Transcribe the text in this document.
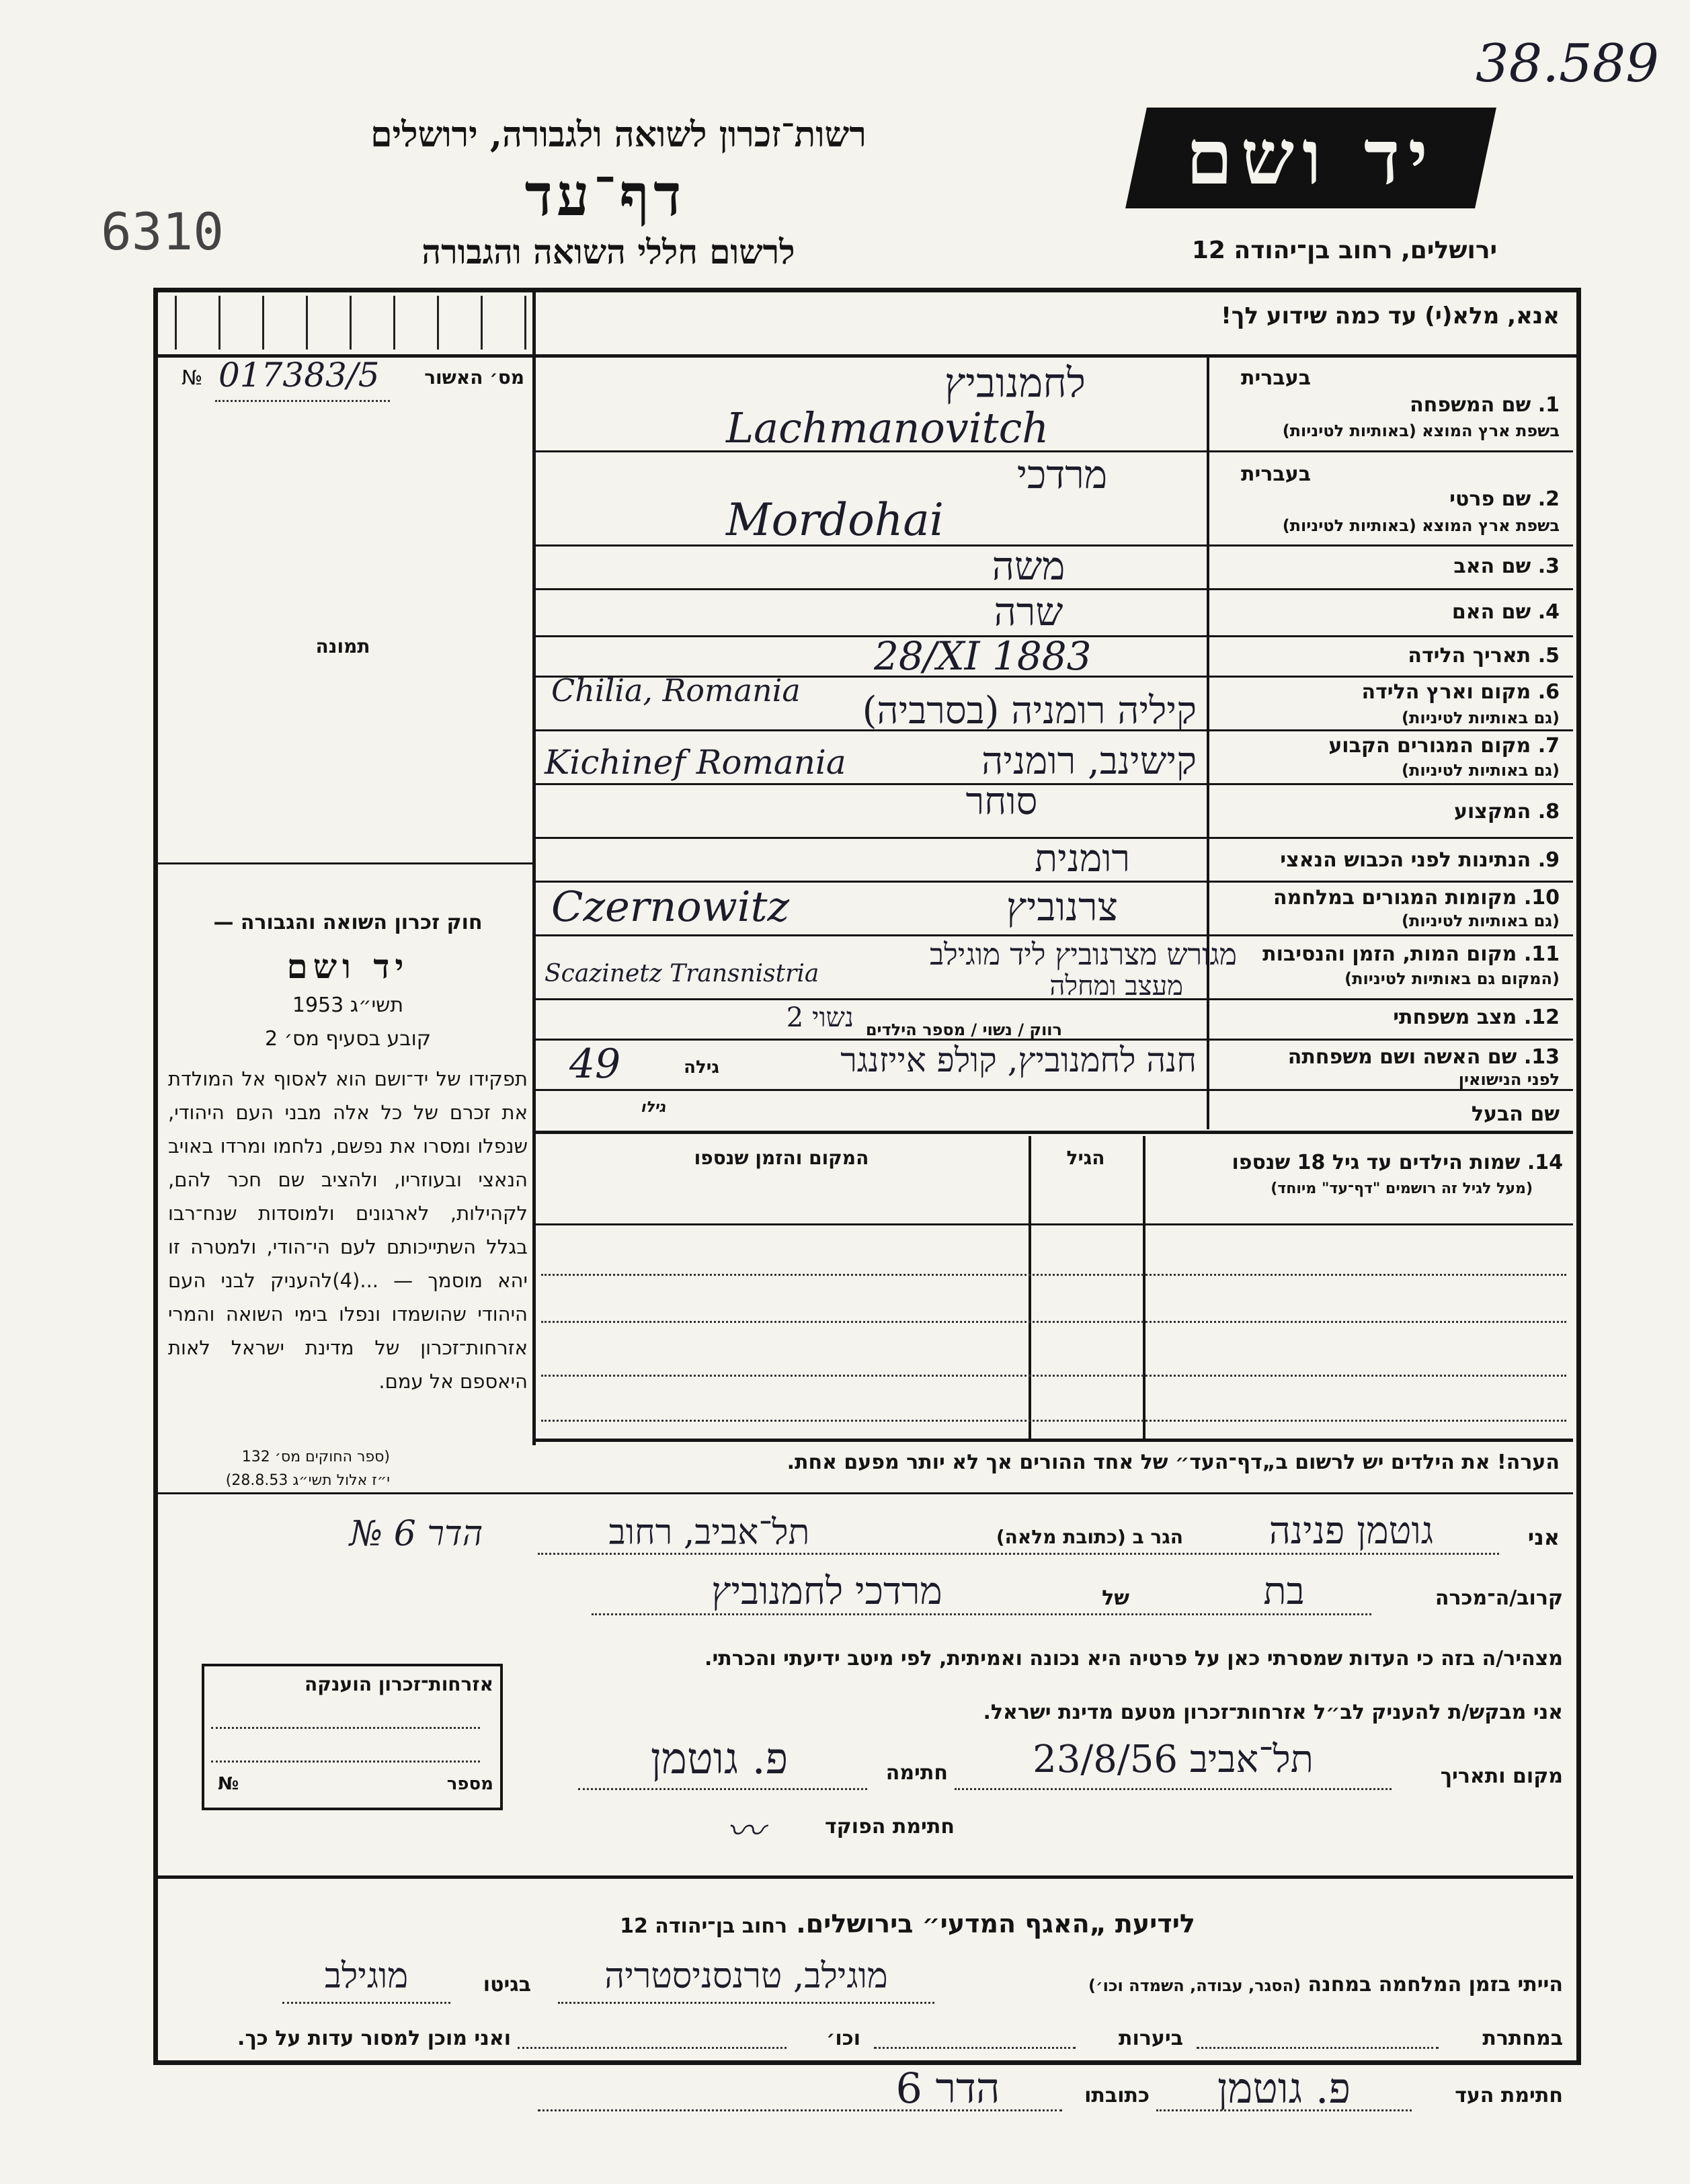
38.589
רשות־זכרון לשואה ולגבורה, ירושלים
6310
דף־עד
לרשום חללי השואה והגבורה
יד ושם
ירושלים, רחוב בן־יהודה 12
אנא, מלא(י) עד כמה שידוע לך!
№ 017383/5 מס׳ האשור
תמונה
חוק זכרון השואה והגבורה —
יד ושם
תשי״ג 1953
קובע בסעיף מס׳ 2
תפקידו של יד־ושם הוא לאסוף אל המולדת את זכרם של כל אלה מבני העם היהודי, שנפלו ומסרו את נפשם, נלחמו ומרדו באויב הנאצי ובעוזריו, ולהציב שם חכר להם, לקהילות, לארגונים ולמוסדות שנח־רבו בגלל השתייכותם לעם הי־הודי, ולמטרה זו יהא מוסמך — ...(4)להעניק לבני העם היהודי שהושמדו ונפלו בימי השואה והמרי אזרחות־זכרון של מדינת ישראל לאות היאספם אל עמם.
(ספר החוקים מס׳ 132
י״ז אלול תשי״ג 28.8.53)
בעברית
1. שם המשפחה
בשפת ארץ המוצא (באותיות לטיניות)
לחמנוביץ
Lachmanovitch
בעברית
2. שם פרטי
בשפת ארץ המוצא (באותיות לטיניות)
מרדכי
Mordohai
3. שם האב
משה
4. שם האם
שרה
5. תאריך הלידה
28/XI 1883
6. מקום וארץ הלידה
(גם באותיות לטיניות)
Chilia, Romania	קיליה רומניה (בסרביה)
7. מקום המגורים הקבוע
(גם באותיות לטיניות)
Kichinef Romania	קישינב, רומניה
8. המקצוע
סוחר
9. הנתינות לפני הכבוש הנאצי
רומנית
10. מקומות המגורים במלחמה
(גם באותיות לטיניות)
Czernowitz	צרנוביץ
11. מקום המות, הזמן והנסיבות
(המקום גם באותיות לטיניות)
מגורש מצרנוביץ ליד מוגילב
מעצב ומחלה
Scazinetz Transnistria
12. מצב משפחתי
רווק / נשוי / מספר הילדים
נשוי 2
13. שם האשה ושם משפחתה
לפני הנישואין
חנה לחמנוביץ, קולפ אייזנגר
גילה
49
גילו	שם הבעל
14. שמות הילדים עד גיל 18 שנספו
(מעל לגיל זה רושמים "דף־עד" מיוחד)
הגיל
המקום והזמן שנספו
הערה! את הילדים יש לרשום ב„דף־העד״ של אחד ההורים אך לא יותר מפעם אחת.
הדר 6 №	תל־אביב, רחוב	הגר ב (כתובת מלאה)	גוטמן פנינה	אני
מרדכי לחמנוביץ	של	בת	קרוב/ה־מכרה
מצהיר/ה בזה כי העדות שמסרתי כאן על פרטיה היא נכונה ואמיתית, לפי מיטב ידיעתי והכרתי.
אני מבקש/ת להעניק לב״ל אזרחות־זכרון מטעם מדינת ישראל.
מקום ותאריך
תל־אביב 23/8/56
חתימה
פ. גוטמן
חתימת הפוקד
〰
אזרחות־זכרון הוענקה
מספר
№
לידיעת „האגף המדעי״ בירושלים. רחוב בן־יהודה 12
הייתי בזמן המלחמה במחנה (הסגר, עבודה, השמדה וכו׳)
מוגילב, טרנסניסטריה
בגיטו
מוגילב
במחתרת
ביערות
וכו׳
ואני מוכן למסור עדות על כך.
חתימת העד
פ. גוטמן
כתובתו
הדר 6
